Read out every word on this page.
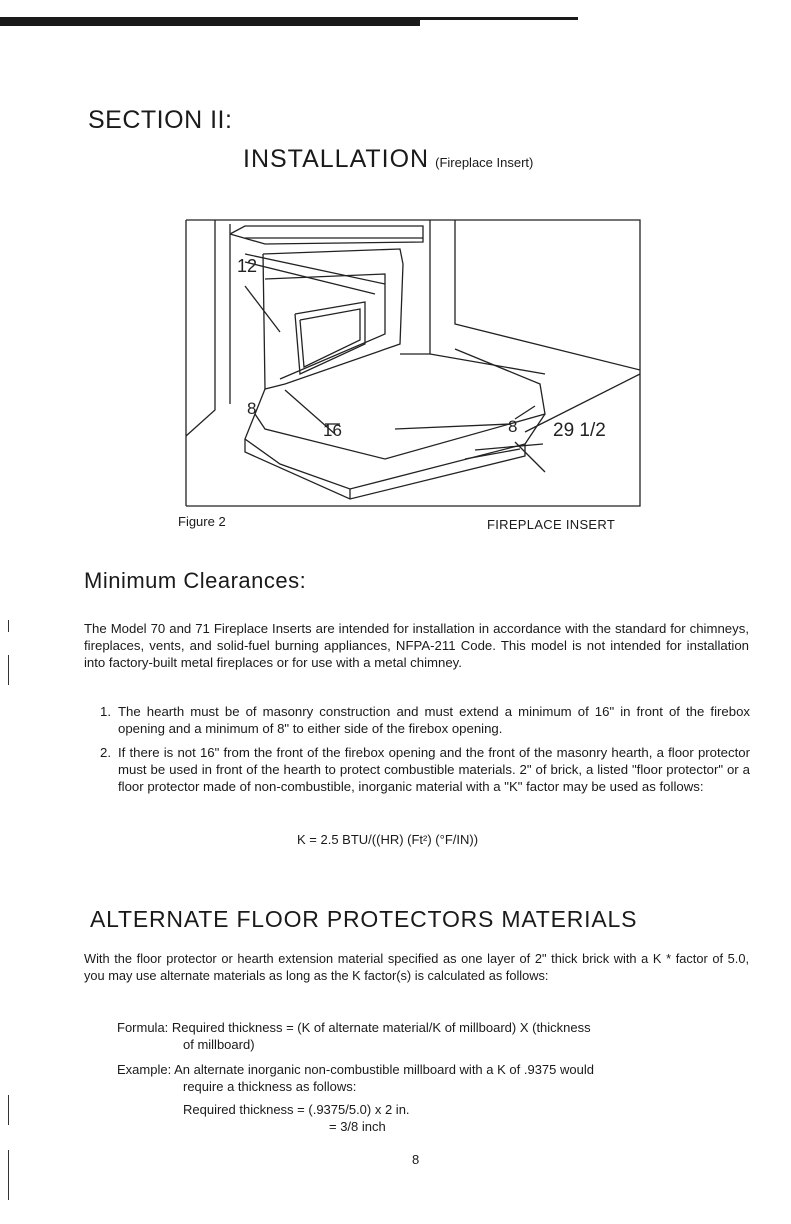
SECTION II:
INSTALLATION (Fireplace Insert)
12
8
16	8 29 1/2
Figure 2	FIREPLACE INSERT
Minimum Clearances:
The Model 70 and 71 Fireplace Inserts are intended for installation in accordance with the standard for chimneys, fireplaces, vents, and solid-fuel burning appliances, NFPA-211 Code. This model is not intended for installation into factory-built metal fireplaces or for use with a metal chimney.
1. The hearth must be of masonry construction and must extend a minimum of 16" in front of the firebox opening and a minimum of 8" to either side of the firebox opening.
2. If there is not 16" from the front of the firebox opening and the front of the masonry hearth, a floor protector must be used in front of the hearth to protect combustible materials. 2" of brick, a listed "floor protector" or a floor protector made of non-combustible, inorganic material with a "K" factor may be used as follows:
K = 2.5 BTU/((HR) (Ft²) (°F/IN))
ALTERNATE FLOOR PROTECTORS MATERIALS
With the floor protector or hearth extension material specified as one layer of 2" thick brick with a K * factor of 5.0, you may use alternate materials as long as the K factor(s) is calculated as follows:
Formula: Required thickness = (K of alternate material/K of millboard) X (thickness
of millboard)
Example: An alternate inorganic non-combustible millboard with a K of .9375 would
require a thickness as follows:
Required thickness = (.9375/5.0) x 2 in.
= 3/8 inch
8
